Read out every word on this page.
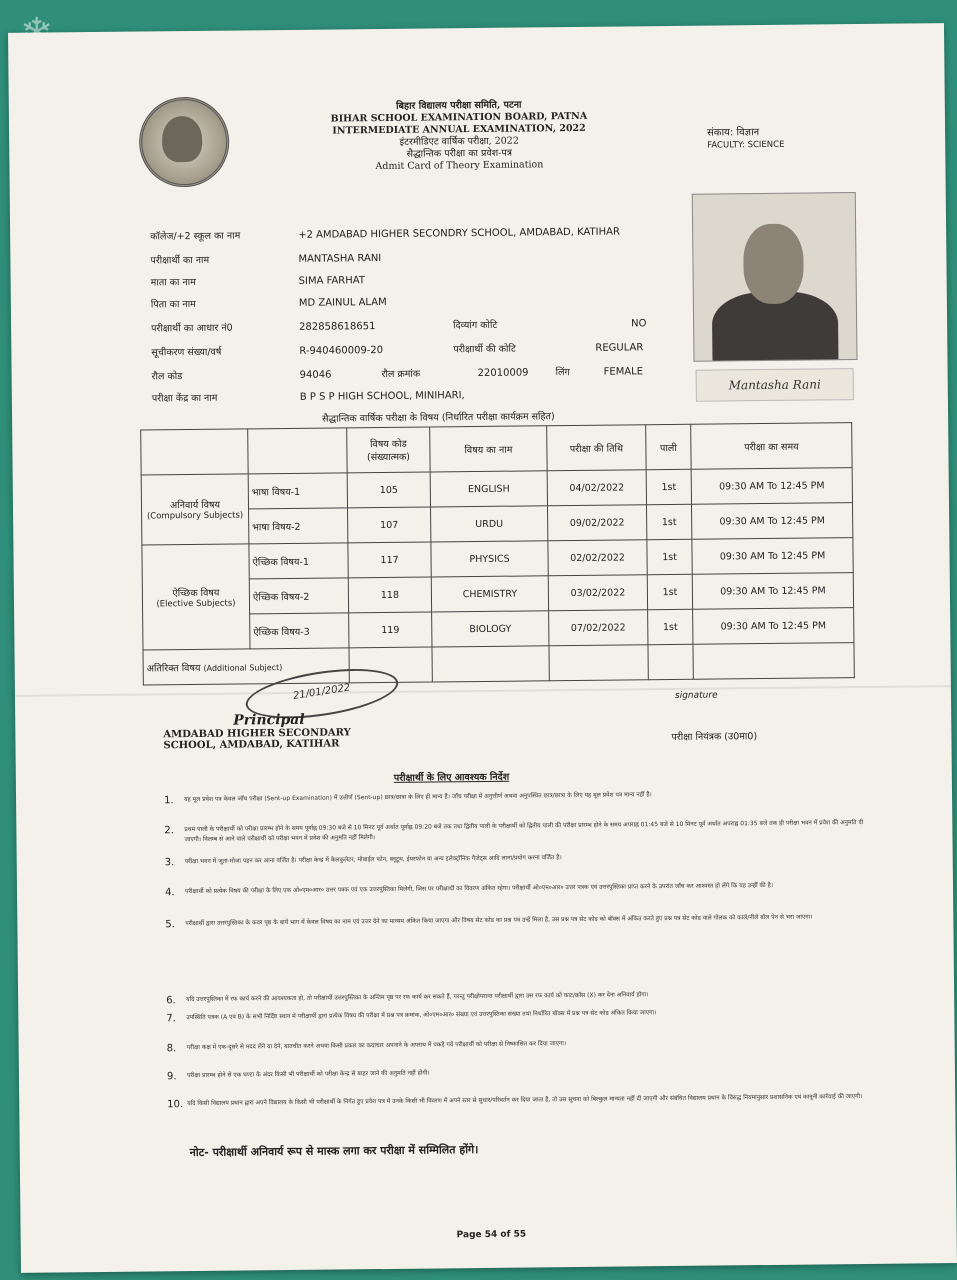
बिहार विद्यालय परीक्षा समिति, पटना
BIHAR SCHOOL EXAMINATION BOARD, PATNA
INTERMEDIATE ANNUAL EXAMINATION, 2022
इंटरमीडिएट वार्षिक परीक्षा, 2022
सैद्धान्तिक परीक्षा का प्रवेश-पत्र
Admit Card of Theory Examination
संकाय: विज्ञान
FACULTY: SCIENCE
कॉलेज/+2 स्कूल का नाम	+2 AMDABAD HIGHER SECONDRY SCHOOL, AMDABAD, KATIHAR
परीक्षार्थी का नाम	MANTASHA RANI
माता का नाम	SIMA FARHAT
पिता का नाम	MD ZAINUL ALAM
परीक्षार्थी का आधार नं0	282858618651	दिव्यांग कोटि	NO
सूचीकरण संख्या/वर्ष	R-940460009-20	परीक्षार्थी की कोटि	REGULAR
रौल कोड	94046	रौल क्रमांक	22010009	लिंग	FEMALE
परीक्षा केंद्र का नाम	B P S P HIGH SCHOOL, MINIHARI,
Mantasha Rani
सैद्धान्तिक वार्षिक परीक्षा के विषय (निर्धारित परीक्षा कार्यक्रम सहित)

		विषय कोड
(संख्यात्मक)	विषय का नाम	परीक्षा की तिथि	पाली	परीक्षा का समय

अनिवार्य विषय
(Compulsory Subjects)	भाषा विषय-1	105	ENGLISH	04/02/2022	1st	09:30 AM To 12:45 PM
	भाषा विषय-2	107	URDU	09/02/2022	1st	09:30 AM To 12:45 PM

ऐच्छिक विषय
(Elective Subjects)	ऐच्छिक विषय-1	117	PHYSICS	02/02/2022	1st	09:30 AM To 12:45 PM
	ऐच्छिक विषय-2	118	CHEMISTRY	03/02/2022	1st	09:30 AM To 12:45 PM
	ऐच्छिक विषय-3	119	BIOLOGY	07/02/2022	1st	09:30 AM To 12:45 PM
अतिरिक्त विषय (Additional Subject)						
21/01/2022
Principal
AMDABAD HIGHER SECONDARY
SCHOOL, AMDABAD, KATIHAR
signature
परीक्षा नियंत्रक (उ0मा0)
परीक्षार्थी के लिए आवश्यक निर्देश
1. यह मूल प्रवेश पत्र केवल जाँच परीक्षा (Sent-up Examination) में उत्तीर्ण (Sent-up) छात्र/छात्रा के लिए ही मान्य है। जाँच परीक्षा में अनुत्तीर्ण अथवा अनुपस्थित छात्र/छात्रा के लिए यह मूल प्रवेश पत्र मान्य नहीं है।
2. प्रथम पाली के परीक्षार्थी को परीक्षा प्रारम्भ होने के समय पूर्वाह्न 09:30 बजे से 10 मिनट पूर्व अर्थात पूर्वाह्न 09:20 बजे तक तथा द्वितीय पाली के परीक्षार्थी को द्वितीय पाली की परीक्षा प्रारम्भ होने के समय अपराह्न 01:45 बजे से 10 मिनट पूर्व अर्थात अपराह्न 01:35 बजे तक ही परीक्षा भवन में प्रवेश की अनुमति दी जाएगी। विलम्ब से आने वाले परीक्षार्थी को परीक्षा भवन में प्रवेश की अनुमति नहीं मिलेगी।
3. परीक्षा भवन में जूता-मोजा पहन कर आना वर्जित है। परीक्षा केन्द्र में कैलकुलेटर, मोबाईल फोन, ब्लूटूथ, ईयरफोन या अन्य इलेक्ट्रॉनिक गैजेट्स आदि लाना/प्रयोग करना वर्जित है।
4. परीक्षार्थी को प्रत्येक विषय की परीक्षा के लिए एक ओ०एम०आर० उत्तर पत्रक एवं एक उत्तरपुस्तिका मिलेगी, जिस पर परीक्षार्थी का विवरण अंकित रहेगा। परीक्षार्थी ओ०एम०आर० उत्तर पत्रक एवं उत्तरपुस्तिका प्राप्त करने के उपरांत जाँच कर आश्वस्त हो लेंगे कि यह उन्हीं की है।
5. परीक्षार्थी द्वारा उत्तरपुस्तिका के कवर पृष्ठ के बायें भाग में केवल विषय का नाम एवं उत्तर देने का माध्यम अंकित किया जाएगा और विषय सेट कोड का प्रश्न पत्र उन्हें मिला है, उस प्रश्न पत्र सेट कोड को बॉक्स में अंकित करते हुए प्रश्न पत्र सेट कोड वाले गोलक को काले/नीले बॉल पेन से भरा जाएगा।
6. यदि उत्तरपुस्तिका में रफ कार्य करने की आवश्यकता हो, तो परीक्षार्थी उत्तरपुस्तिका के अन्तिम पृष्ठ पर रफ कार्य कर सकते हैं, परन्तु परीक्षोपरान्त परीक्षार्थी द्वारा उस रफ कार्य को काट/क्रॉस (X) कर देना अनिवार्य होगा।
7. उपस्थिति पत्रक (A एवं B) के सभी निर्दिष्ट स्थान में परीक्षार्थी द्वारा प्रत्येक विषय की परीक्षा में प्रश्न पत्र क्रमांक, ओ०एम०आर० संख्या एवं उत्तरपुस्तिका संख्या तथा निर्धारित बॉक्स में प्रश्न पत्र सेट कोड अंकित किया जाएगा।
8. परीक्षा कक्ष में एक-दूसरे से मदद लेने या देने, बातचीत करने अथवा किसी प्रकार का कदाचार अपनाने के अपराध में पकड़े गये परीक्षार्थी को परीक्षा से निष्कासित कर दिया जाएगा।
9. परीक्षा प्रारम्भ होने से एक घण्टा के अंदर किसी भी परीक्षार्थी को परीक्षा केन्द्र से बाहर जाने की अनुमति नहीं होगी।
10. यदि किसी विद्यालय प्रधान द्वारा अपने विद्यालय के किसी भी परीक्षार्थी के निर्गत हुए प्रवेश पत्र में उनके किसी भी विवरण में अपने स्तर से सुधार/परिवर्तन कर दिया जाता है, तो उस सूचना को बिल्कुल मान्यता नहीं दी जाएगी और संबंधित विद्यालय प्रधान के विरुद्ध नियमानुसार प्रशासनिक एवं कानूनी कार्रवाई की जाएगी।
नोट- परीक्षार्थी अनिवार्य रूप से मास्क लगा कर परीक्षा में सम्मिलित होंगे।
Page 54 of 55
